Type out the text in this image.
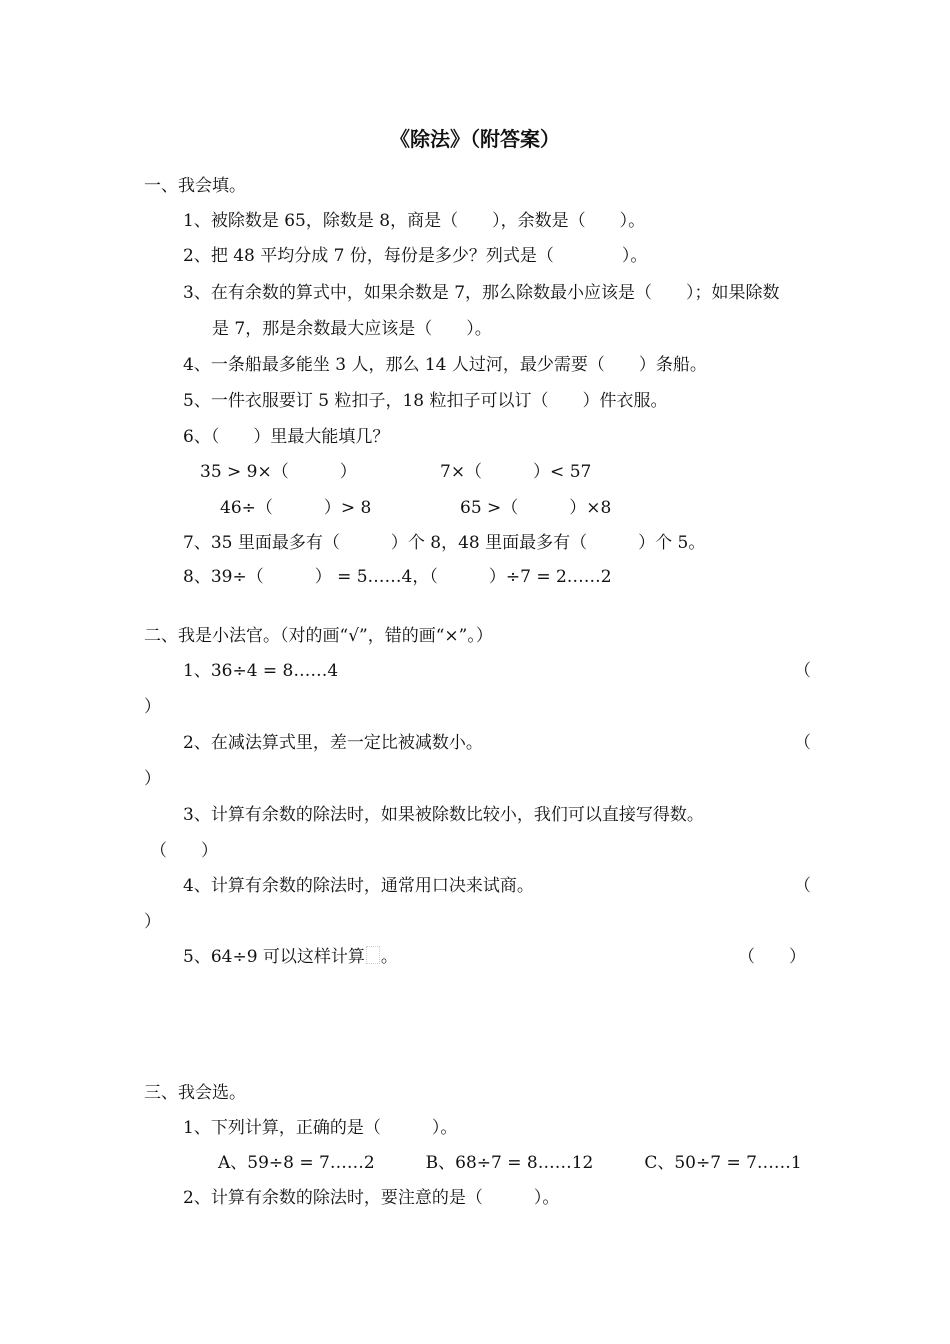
《除法》（附答案）
一、我会填。
1、被除数是 65，除数是 8，商是（　　），余数是（　　）。
2、把 48 平均分成 7 份，每份是多少？列式是（　　　　）。
3、在有余数的算式中，如果余数是 7，那么除数最小应该是（　　）；如果除数
是 7，那是余数最大应该是（　　）。
4、一条船最多能坐 3 人，那么 14 人过河，最少需要（　　）条船。
5、一件衣服要订 5 粒扣子，18 粒扣子可以订（　　）件衣服。
6、（　　）里最大能填几？
35 > 9×（　　　）	7×（　　　）< 57
46÷（　　　）> 8	65 >（　　　）×8
7、35 里面最多有（　　　）个 8，48 里面最多有（　　　）个 5。
8、39÷（　　　） = 5……4，（　　　）÷7 = 2……2
二、我是小法官。（对的画“√”，错的画“×”。）
1、36÷4 = 8……4	（
）
2、在减法算式里，差一定比被减数小。	（
）
3、计算有余数的除法时，如果被除数比较小，我们可以直接写得数。
（　　）
4、计算有余数的除法时，通常用口决来试商。	（
）
5、64÷9 可以这样计算 。	（　　）
三、我会选。
1、下列计算，正确的是（　　　）。
A、59÷8 = 7……2　　　B、68÷7 = 8……12　　　C、50÷7 = 7……1
2、计算有余数的除法时，要注意的是（　　　）。
